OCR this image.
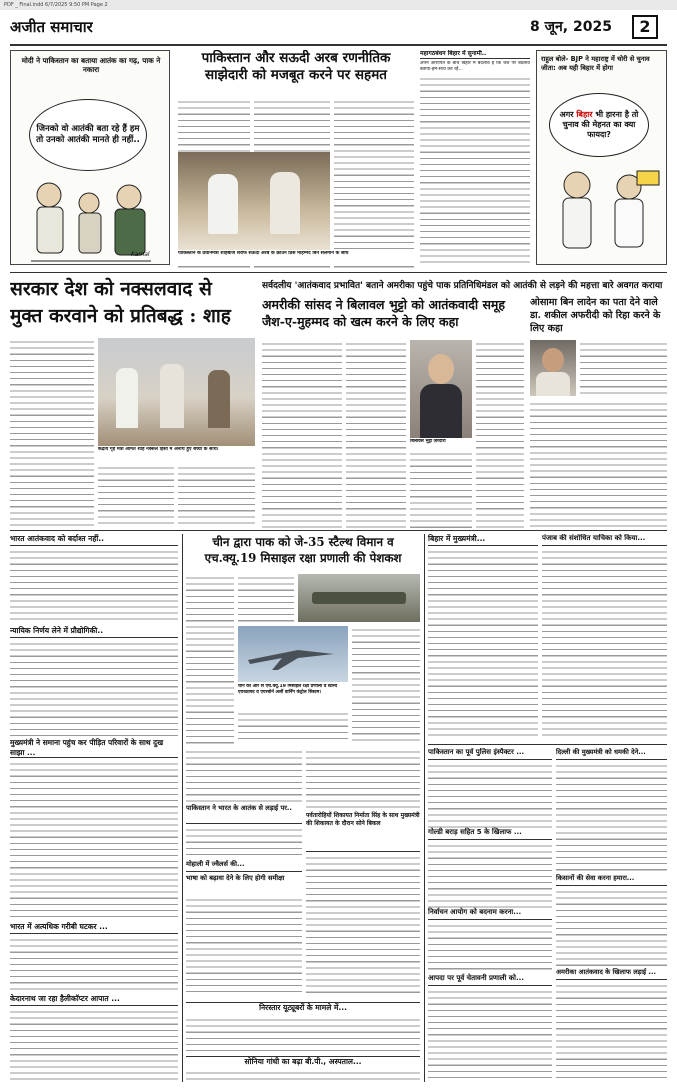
PDF _ Final.indd 6/7/2025 9:50 PM Page 2
अजीत समाचार	8 जून, 2025	2
मोदी ने पाकिस्तान का बताया आतंक का गढ़, पाक ने नकारा
जिनको वो आतंकी बता रहे हैं हम तो उनको आतंकी मानते ही नहीं..
Kamal
पाकिस्तान और सऊदी अरब रणनीतिक साझेदारी को मजबूत करने पर सहमत
पाकिस्तान के प्रधानमंत्री शाहबाज शरीफ सऊदी अरब के क्राउन प्रिंस मोहम्मद बिन सलमान के साथ
महागठबंधन बिहार में सुनामी..
अपने आरोपित के बीच बिहार में बदलाव है कि चेंज पर बदलाव बताया-हम-साथ कर रहे...
राहुल बोले- BJP ने महाराष्ट्र में चोरी से चुनाव जीता: अब यही बिहार में होगा
अगर बिहार भी हारना है तो चुनाव की मेहनत का क्या फायदा?
सरकार देश को नक्सलवाद से
मुक्त करवाने को प्रतिबद्ध : शाह
केंद्रीय गृह मंत्री अमित शाह नक्सल हिंसा में अनाथ हुए बच्चों के साथ।
सर्वदलीय 'आतंकवाद प्रभावित' बताने अमरीका पहुंचे पाक प्रतिनिधिमंडल को आतंकी से लड़ने की महत्ता बारे अवगत कराया
अमरीकी सांसद ने बिलावल भुट्टो को आतंकवादी समूह जैश-ए-मुहम्मद को खत्म करने के लिए कहा
बिलावल भुट्टो ज़रदारी
ओसामा बिन लादेन का पता देने वाले डा. शकील अफरीदी को रिहा करने के लिए कहा
भारत आतंकवाद को बर्दाश्त नहीं..
न्यायिक निर्णय लेने में प्रौद्योगिकी..
मुख्यमंत्री ने समाना पहुंच कर पीड़ित परिवारों के साथ दुख साझा ...
भारत में अत्यधिक गरीबी घटकर ...
केदारनाथ जा रहा हैलीकॉप्टर आपात ...
चीन द्वारा पाक को जे-35 स्टैल्थ विमान व एच.क्यू.19 मिसाइल रक्षा प्रणाली की पेशकश
चीन की ओर से एच.क्यू.19 मिसाइल रक्षा प्रणाली व स्टैल्थ एयरक्राफ्ट व एयरबोर्न अर्ली वार्निंग कंट्रोल सिस्टम।
पाकिस्तान ने भारत के आतंक से लड़ाई पर..
मोहाली में ज्वैलर्स की...
भाषा को बढ़ावा देने के लिए होगी समीक्षा
पर्वतारोहियों शिकायत निर्माता सिंह के साथ मुख्यमंत्री की शिकायत के दौरान सोने बिकल
निरस्तार यूट्यूबरों के मामले में...
सोनिया गांधी का बढ़ा बी.पी., अस्पताल...
बिहार में मुख्यमंत्री...	पंजाब की संशोधित याचिका को किया...
पाकिस्तान का पूर्व पुलिस इंस्पैक्टर ...
गोल्डी बराड़ सहित 5 के खिलाफ ...
निर्वाचन आयोग को बदनाम करना...
आपदा पर पूर्व चेतावनी प्रणाली को...
दिल्ली की मुख्यमंत्री को धमकी देने...
किसानों की सेवा करना हमारा...
अमरीका आतंकवाद के खिलाफ लड़ाई ...
